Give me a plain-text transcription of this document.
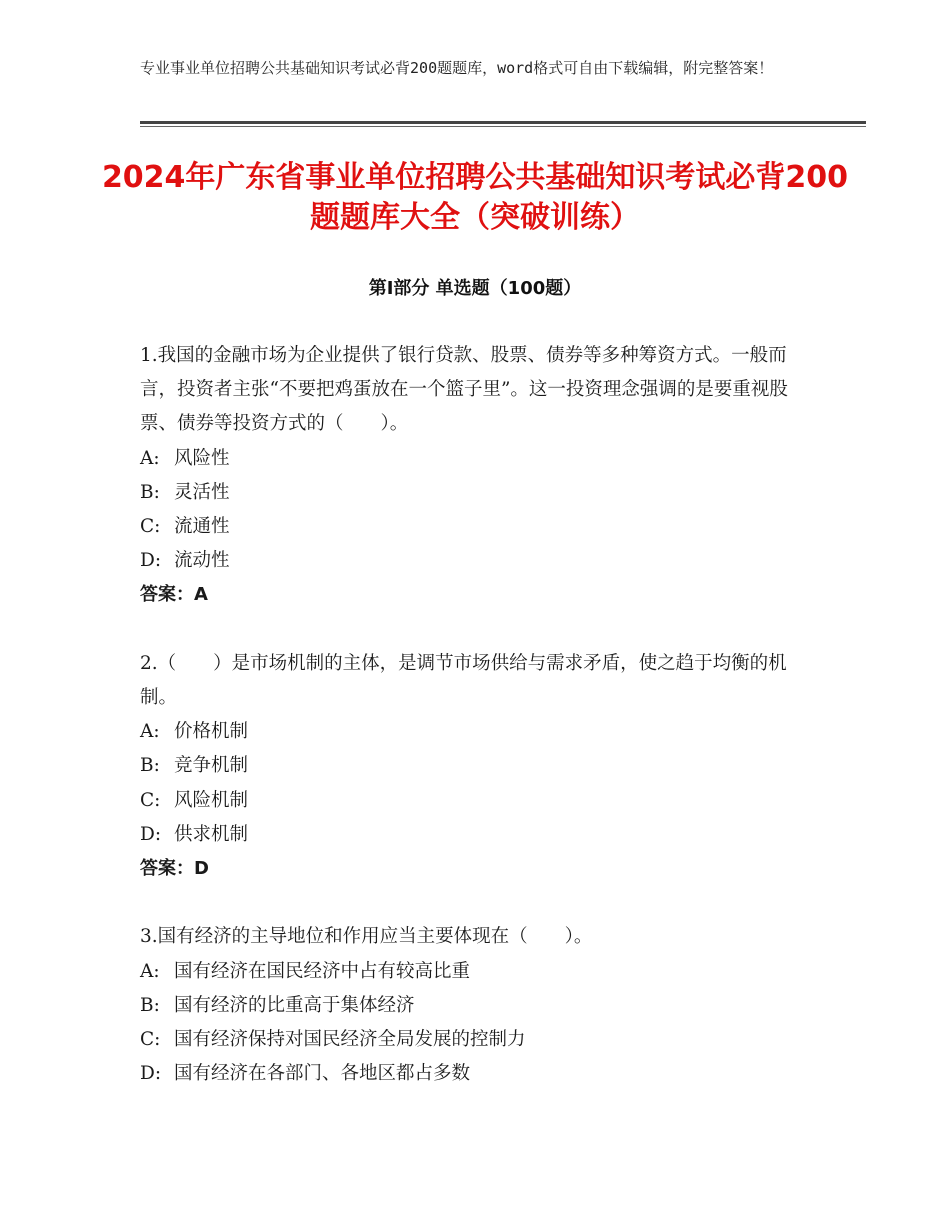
专业事业单位招聘公共基础知识考试必背200题题库，word格式可自由下载编辑，附完整答案！
2024年广东省事业单位招聘公共基础知识考试必背200题题库大全（突破训练）
第Ⅰ部分 单选题（100题）

1.我国的金融市场为企业提供了银行贷款、股票、债券等多种筹资方式。一般而言，投资者主张“不要把鸡蛋放在一个篮子里”。这一投资理念强调的是要重视股票、债券等投资方式的（　　）。

A: 风险性

B: 灵活性

C: 流通性

D: 流动性

答案：A

2.（　　）是市场机制的主体，是调节市场供给与需求矛盾，使之趋于均衡的机制。

A: 价格机制

B: 竞争机制

C: 风险机制

D: 供求机制

答案：D

3.国有经济的主导地位和作用应当主要体现在（　　）。

A: 国有经济在国民经济中占有较高比重

B: 国有经济的比重高于集体经济

C: 国有经济保持对国民经济全局发展的控制力

D: 国有经济在各部门、各地区都占多数
